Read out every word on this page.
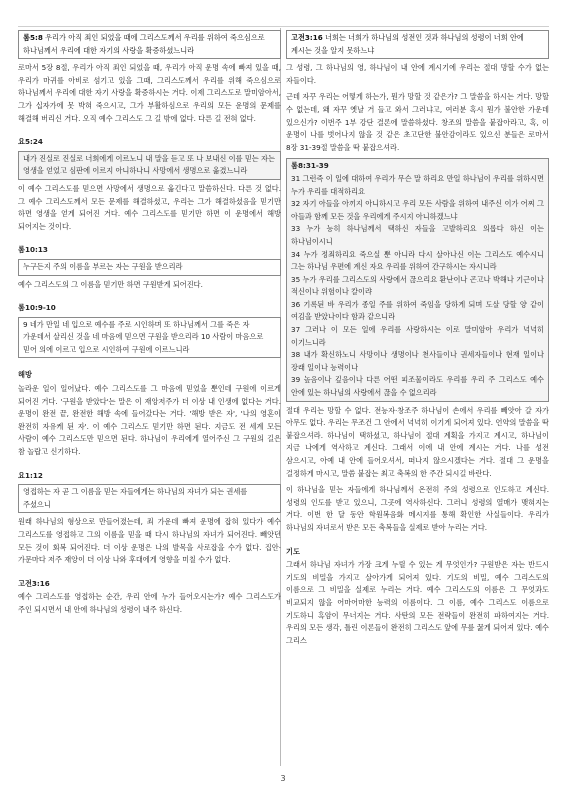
롬5:8 우리가 아직 죄인 되었을 때에 그리스도께서 우리를 위하여 죽으심으로 하나님께서 우리에 대한 자기의 사랑을 확증하셨느니라

로마서 5장 8절, 우리가 아직 죄인 되었을 때, 우리가 아직 운명 속에 빠져 있을 때, 우리가 마귀를 아비로 섬기고 있을 그때, 그리스도께서 우리를 위해 죽으심으로 하나님께서 우리에 대한 자기 사랑을 확증하시는 거다. 이제 그리스도로 말미암아서, 그가 십자가에 못 박혀 죽으시고, 그가 부활하심으로 우리의 모든 운명의 문제를 해결해 버리신 거다. 오직 예수 그리스도 그 길 밖에 없다. 다른 길 전혀 없다.

요5:24
내가 진실로 진실로 너희에게 이르노니 내 말을 듣고 또 나 보내신 이를 믿는 자는 영생을 얻었고 심판에 이르지 아니하나니 사망에서 생명으로 옮겼느니라

이 예수 그리스도를 믿으면 사망에서 생명으로 옮긴다고 말씀하신다. 다른 것 없다. 그 예수 그리스도께서 모든 문제를 해결하셨고, 우리는 그가 해결하셨음을 믿기만 하면 영생을 얻게 되어진 거다. 예수 그리스도를 믿기만 하면 이 운명에서 해방 되어지는 것이다.

롬10:13
누구든지 주의 이름을 부르는 자는 구원을 받으리라

예수 그리스도의 그 이름을 믿기만 하면 구원받게 되어진다.

롬10:9-10
9 네가 만일 네 입으로 예수를 주로 시인하며 또 하나님께서 그를 죽은 자 가운데서 살리신 것을 네 마음에 믿으면 구원을 받으리라 10 사람이 마음으로 믿어 의에 이르고 입으로 시인하여 구원에 이르느니라
해방

놀라운 일이 일어났다. 예수 그리스도를 그 마음에 믿었을 뿐인데 구원에 이르게 되어진 거다. '구원을 받았다'는 말은 이 재앙저주가 더 이상 내 인생에 없다는 거다. 운명이 완전 끝, 완전한 해방 속에 들어갔다는 거다. '해방 받은 자', '나의 영혼이 완전히 자유케 된 자'. 이 예수 그리스도 믿기만 하면 된다. 지금도 전 세계 모든 사람이 예수 그리스도만 믿으면 된다. 하나님이 우리에게 열어주신 그 구원의 길은 참 놀랍고 신기하다.

요1:12
영접하는 자 곧 그 이름을 믿는 자들에게는 하나님의 자녀가 되는 권세를 주셨으니

원래 하나님의 형상으로 만들어졌는데, 죄 가운데 빠져 운명에 잡혀 있다가 예수 그리스도를 영접하고 그의 이름을 믿을 때 다시 하나님의 자녀가 되어진다. 빼앗던 모든 것이 회복 되어진다. 더 이상 운명은 나의 발목을 사로잡을 수가 없다. 집안·가문마다 저주 재앙이 더 이상 나와 후대에게 영향을 미칠 수가 없다.

고전3:16

예수 그리스도를 영접하는 순간, 우리 안에 누가 들어오시는가? 예수 그리스도가 주인 되시면서 내 안에 하나님의 성령이 내주 하신다.

고전3:16 너희는 너희가 하나님의 성전인 것과 하나님의 성령이 너희 안에 계시는 것을 알지 못하느냐

그 성령, 그 하나님의 영, 하나님이 내 안에 계시기에 우리는 절대 망할 수가 없는 자들이다.

근데 자꾸 우리는 어떻게 하는가, 뭔가 망할 것 같은가? 그 말씀을 하시는 거다. 망할 수 없는데, 왜 자꾸 옛날 거 들고 와서 그러냐고, 여러분 혹시 뭔가 불안한 가운데 있으신가? 이번주 1부 강단 결론에 말씀하셨다. 창조의 말씀을 붙잡아라고, 혹, 이 운명이 나를 벗어나지 않을 것 같은 초고단한 불안감이라도 있으신 분들은 로마서 8장 31-39절 말씀을 딱 붙잡으셔라.

롬8:31-39

31 그런즉 이 일에 대하여 우리가 무슨 말 하리요 만일 하나님이 우리를 위하시면 누가 우리를 대적하리요

32 자기 아들을 아끼지 아니하시고 우리 모든 사람을 위하여 내주신 이가 어찌 그 아들과 함께 모든 것을 우리에게 주시지 아니하겠느냐

33 누가 능히 하나님께서 택하신 자들을 고발하리요 의롭다 하신 이는 하나님이시니

34 누가 정죄하리요 죽으실 뿐 아니라 다시 살아나신 이는 그리스도 예수시니 그는 하나님 우편에 계신 자요 우리를 위하여 간구하시는 자시니라

35 누가 우리를 그리스도의 사랑에서 끊으리요 환난이나 곤고나 박해나 기근이나 적신이나 위험이나 칼이랴

36 기록된 바 우리가 종일 주를 위하여 죽임을 당하게 되며 도살 당할 양 같이 여김을 받았나이다 함과 같으니라

37 그러나 이 모든 일에 우리를 사랑하시는 이로 말미암아 우리가 넉넉히 이기느니라

38 내가 확신하노니 사망이나 생명이나 천사들이나 권세자들이나 현재 일이나 장래 일이나 능력이나

39 높음이나 깊음이나 다른 어떤 피조물이라도 우리를 우리 주 그리스도 예수 안에 있는 하나님의 사랑에서 끊을 수 없으리라

절대 우리는 망할 수 없다. 전능자·창조주 하나님이 손에서 우리를 빼앗아 갈 자가 아무도 없다. 우리는 무조건 그 안에서 넉넉히 이기게 되어져 있다. 언약의 말씀을 딱 붙잡으셔라. 하나님이 택하셨고, 하나님이 절대 계획을 가지고 계시고, 하나님이 지금 나에게 역사하고 계신다. 그래서 이에 내 안에 계시는 거다. 나를 성전 삼으시고, 아예 내 안에 들어오셔서, 떠나지 않으시겠다는 거다. 절대 그 운명을 걸정하게 마시고, 말씀 붙잡는 최고 축복의 한 주간 되시길 바란다.

이 하나님을 믿는 자들에게 하나님께서 온전히 주의 성령으로 인도하고 계신다. 성령의 인도를 받고 있으니, 그곳에 역사하신다. 그러니 성령의 열매가 맺혀지는 거다. 이번 한 달 동안 학원복음화 메시지를 통해 확인한 사실들이다. 우리가 하나님의 자녀로서 받은 모든 축복들을 실제로 받아 누리는 거다.

기도

그래서 하나님 자녀가 가장 크게 누릴 수 있는 게 무엇인가? 구원받은 자는 반드시 기도의 비밀을 가지고 살아가게 되어져 있다. 기도의 비밀, 예수 그리스도의 이름으로 그 비밀을 실제로 누리는 거다. 예수 그리스도의 이름은 그 무엇과도 비교되지 않을 어마어마한 능력의 이름이다. 그 이름, 예수 그리스도 이름으로 기도하니 흑암이 무너지는 거다. 사탄의 모든 전략들이 완전히 파하여지는 거다. 우리의 모든 생각, 틀린 이론들이 완전히 그리스도 앞에 무릎 꿇게 되어져 있다. 예수 그리스

3
